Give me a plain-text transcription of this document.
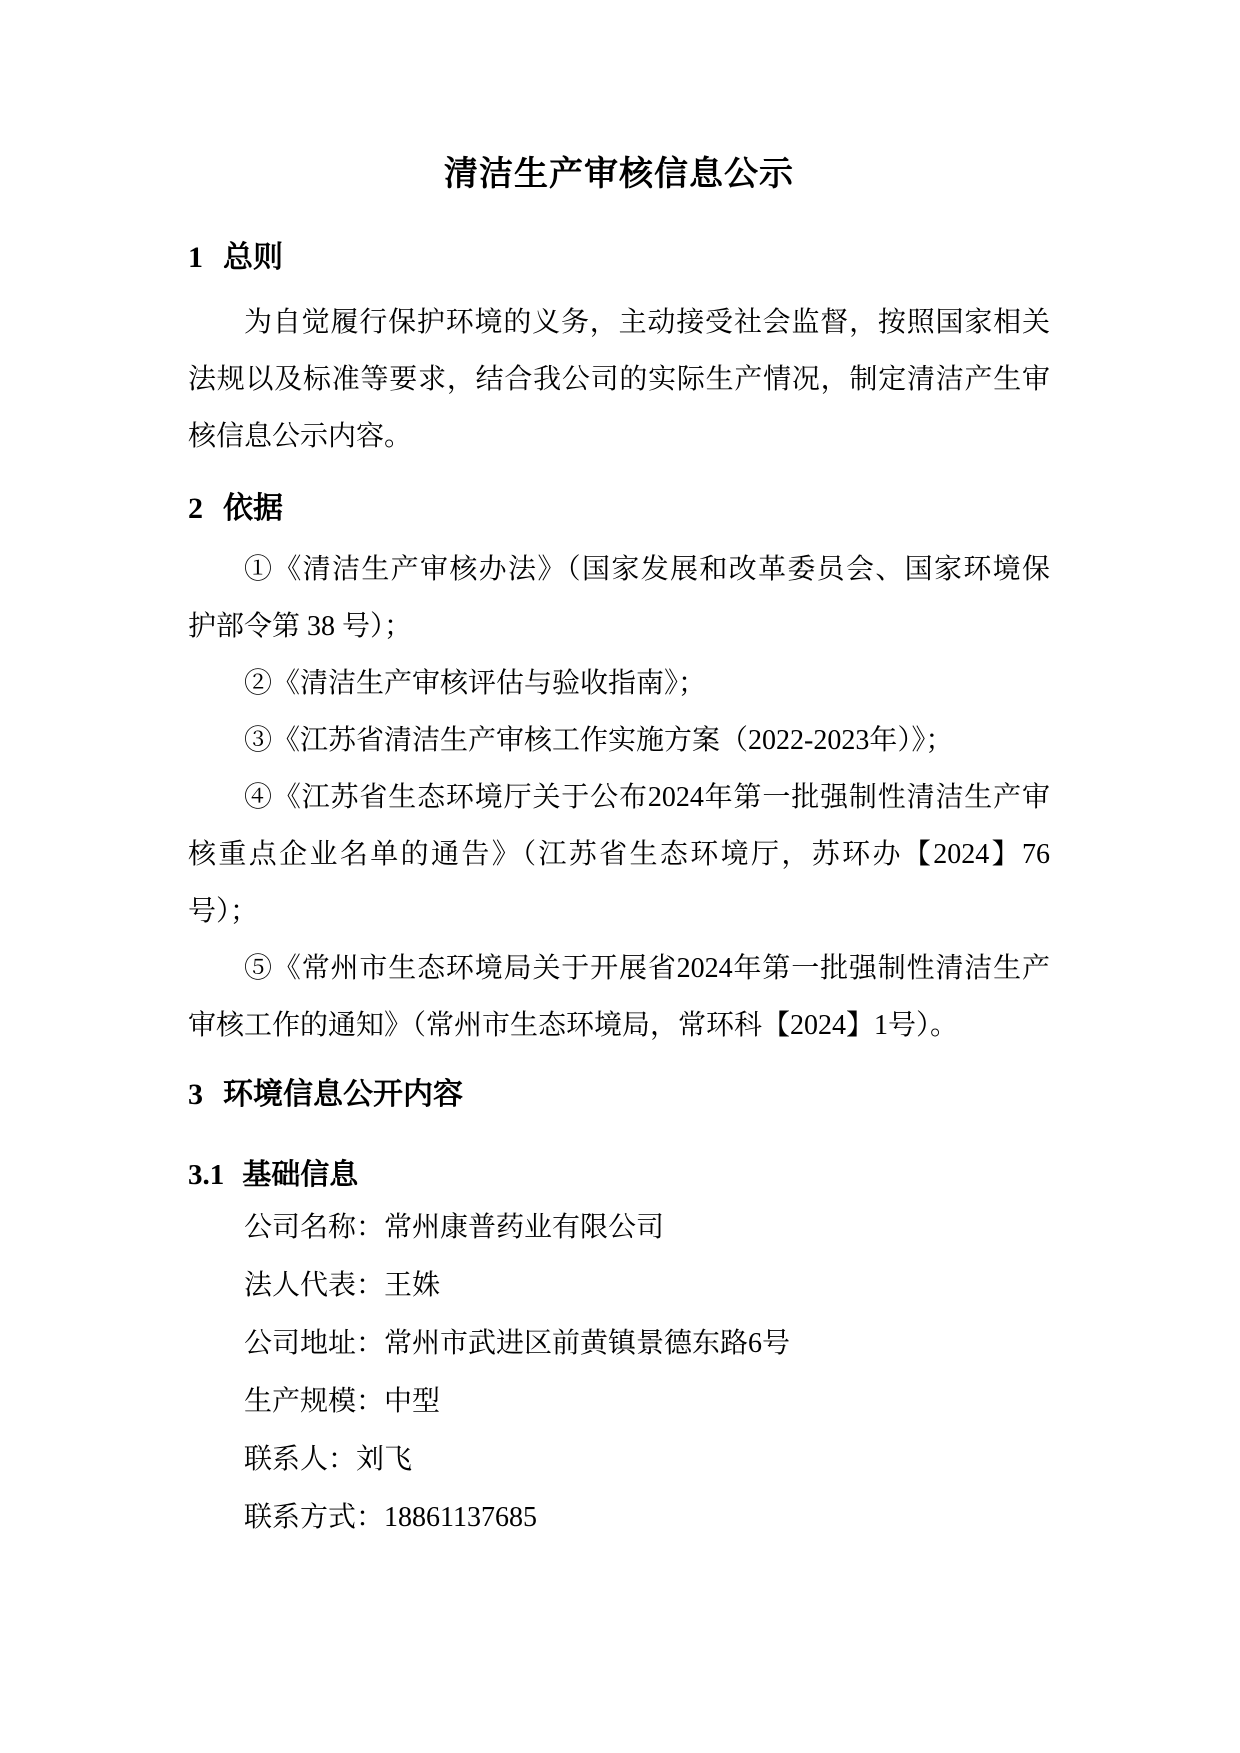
清洁生产审核信息公示
1 总则

为自觉履行保护环境的义务，主动接受社会监督，按照国家相关
法规以及标准等要求，结合我公司的实际生产情况，制定清洁产生审
核信息公示内容。

2 依据

①《清洁生产审核办法》（国家发展和改革委员会、国家环境保
护部令第 38 号）；

②《清洁生产审核评估与验收指南》；

③《江苏省清洁生产审核工作实施方案（2022-2023年）》；

④《江苏省生态环境厅关于公布2024年第一批强制性清洁生产审
核重点企业名单的通告》（江苏省生态环境厅，苏环办【2024】76
号）；

⑤《常州市生态环境局关于开展省2024年第一批强制性清洁生产
审核工作的通知》（常州市生态环境局，常环科【2024】1号）。

3 环境信息公开内容
3.1 基础信息
公司名称：常州康普药业有限公司
法人代表：王姝
公司地址：常州市武进区前黄镇景德东路6号
生产规模：中型
联系人：刘飞
联系方式：18861137685
